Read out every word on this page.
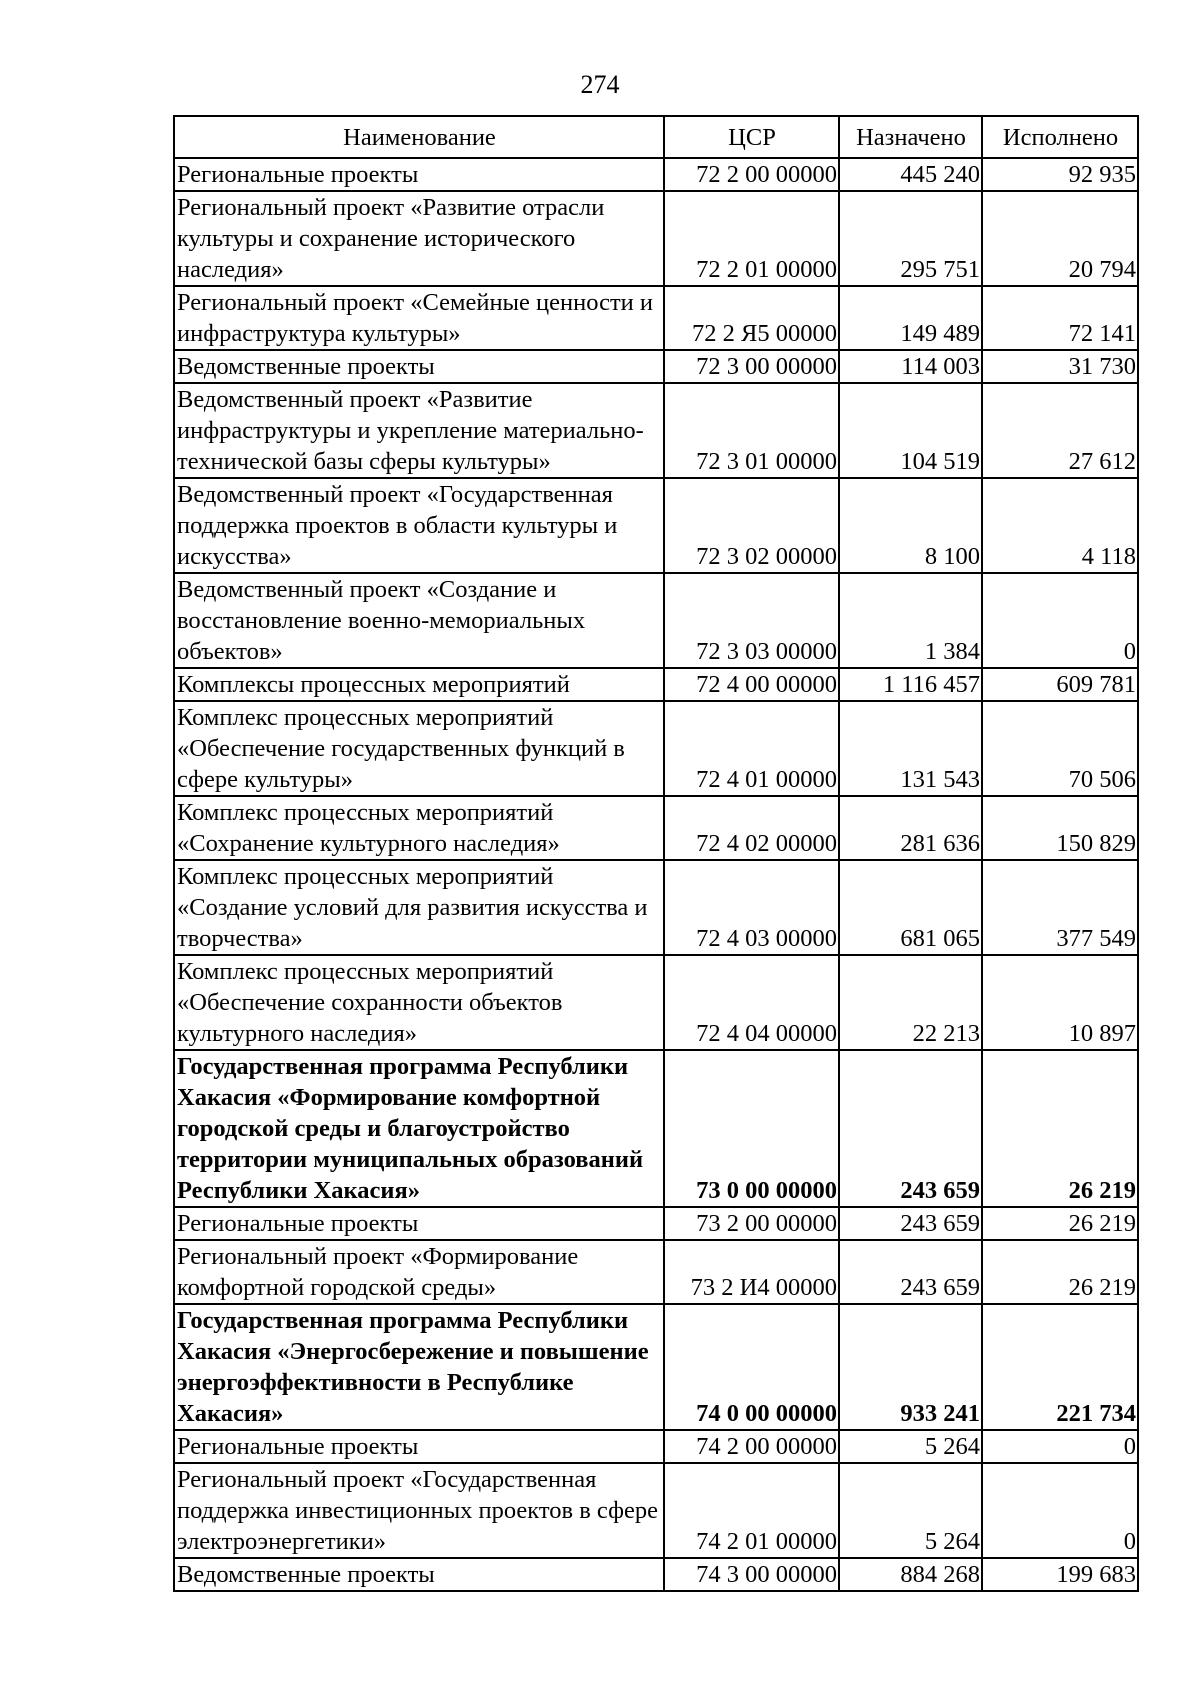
274
Наименование	ЦСР	Назначено	Исполнено
Региональные проекты	72 2 00 00000	445 240	92 935
Региональный проект «Развитие отрасли культуры и сохранение исторического наследия»	72 2 01 00000	295 751	20 794
Региональный проект «Семейные ценности и инфраструктура культуры»	72 2 Я5 00000	149 489	72 141
Ведомственные проекты	72 3 00 00000	114 003	31 730
Ведомственный проект «Развитие инфраструктуры и укрепление материально-технической базы сферы культуры»	72 3 01 00000	104 519	27 612
Ведомственный проект «Государственная поддержка проектов в области культуры и искусства»	72 3 02 00000	8 100	4 118
Ведомственный проект «Создание и восстановление военно-мемориальных объектов»	72 3 03 00000	1 384	0
Комплексы процессных мероприятий	72 4 00 00000	1 116 457	609 781
Комплекс процессных мероприятий «Обеспечение государственных функций в сфере культуры»	72 4 01 00000	131 543	70 506
Комплекс процессных мероприятий «Сохранение культурного наследия»	72 4 02 00000	281 636	150 829
Комплекс процессных мероприятий «Создание условий для развития искусства и творчества»	72 4 03 00000	681 065	377 549
Комплекс процессных мероприятий «Обеспечение сохранности объектов культурного наследия»	72 4 04 00000	22 213	10 897
Государственная программа Республики Хакасия «Формирование комфортной городской среды и благоустройство территории муниципальных образований Республики Хакасия»	73 0 00 00000	243 659	26 219
Региональные проекты	73 2 00 00000	243 659	26 219
Региональный проект «Формирование комфортной городской среды»	73 2 И4 00000	243 659	26 219
Государственная программа Республики Хакасия «Энергосбережение и повышение энергоэффективности в Республике Хакасия»	74 0 00 00000	933 241	221 734
Региональные проекты	74 2 00 00000	5 264	0
Региональный проект «Государственная поддержка инвестиционных проектов в сфере электроэнергетики»	74 2 01 00000	5 264	0
Ведомственные проекты	74 3 00 00000	884 268	199 683
